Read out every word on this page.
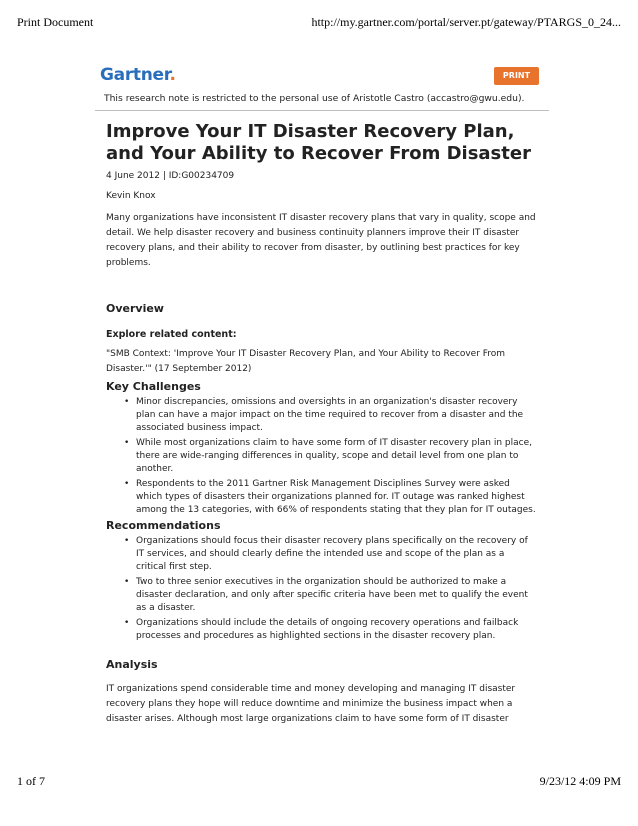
Print Document	http://my.gartner.com/portal/server.pt/gateway/PTARGS_0_24...
Gartner.	PRINT
This research note is restricted to the personal use of Aristotle Castro (accastro@gwu.edu).
Improve Your IT Disaster Recovery Plan, and Your Ability to Recover From Disaster
4 June 2012 | ID:G00234709
Kevin Knox

Many organizations have inconsistent IT disaster recovery plans that vary in quality, scope and detail. We help disaster recovery and business continuity planners improve their IT disaster recovery plans, and their ability to recover from disaster, by outlining best practices for key problems.

Overview
Explore related content:

"SMB Context: 'Improve Your IT Disaster Recovery Plan, and Your Ability to Recover From Disaster.'" (17 September 2012)

Key Challenges
• Minor discrepancies, omissions and oversights in an organization's disaster recovery plan can have a major impact on the time required to recover from a disaster and the associated business impact.
• While most organizations claim to have some form of IT disaster recovery plan in place, there are wide-ranging differences in quality, scope and detail level from one plan to another.
• Respondents to the 2011 Gartner Risk Management Disciplines Survey were asked which types of disasters their organizations planned for. IT outage was ranked highest among the 13 categories, with 66% of respondents stating that they plan for IT outages.
Recommendations
• Organizations should focus their disaster recovery plans specifically on the recovery of IT services, and should clearly define the intended use and scope of the plan as a critical first step.
• Two to three senior executives in the organization should be authorized to make a disaster declaration, and only after specific criteria have been met to qualify the event as a disaster.
• Organizations should include the details of ongoing recovery operations and failback processes and procedures as highlighted sections in the disaster recovery plan.
Analysis

IT organizations spend considerable time and money developing and managing IT disaster recovery plans they hope will reduce downtime and minimize the business impact when a disaster arises. Although most large organizations claim to have some form of IT disaster

1 of 7	9/23/12 4:09 PM
